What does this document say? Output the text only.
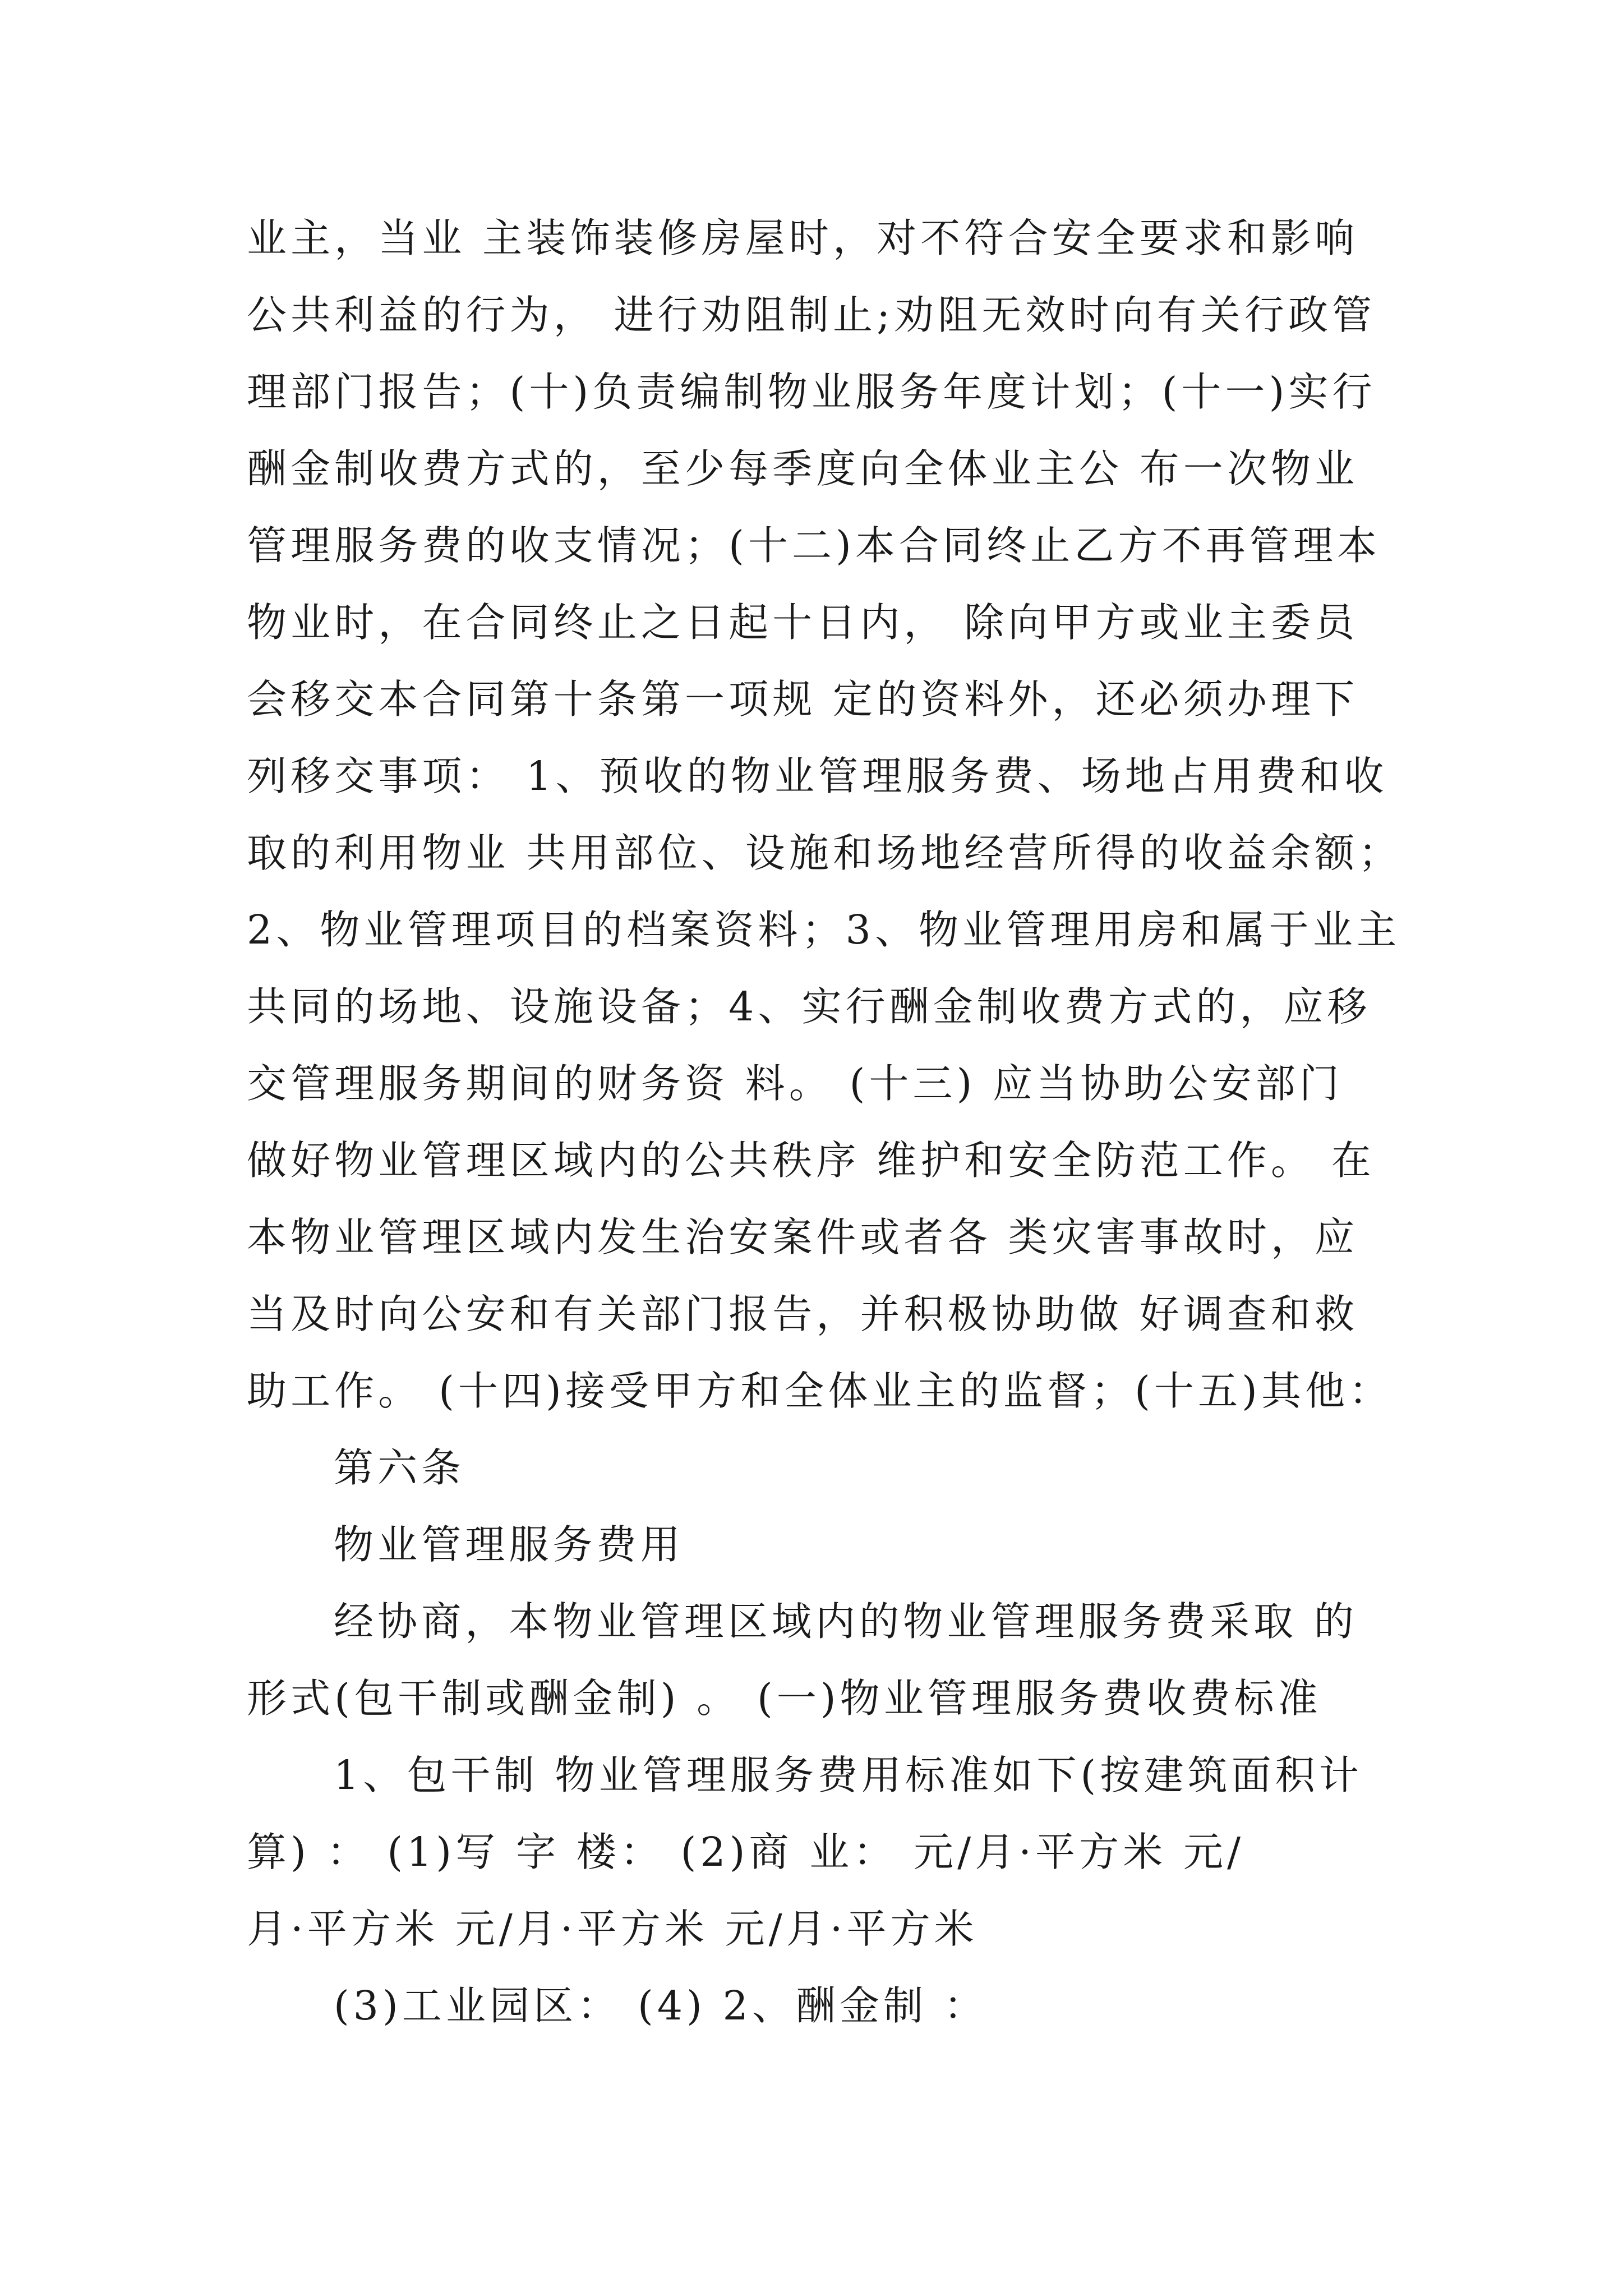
业主，当业 主装饰装修房屋时，对不符合安全要求和影响
公共利益的行为， 进行劝阻制止;劝阻无效时向有关行政管
理部门报告；(十)负责编制物业服务年度计划；(十一)实行
酬金制收费方式的，至少每季度向全体业主公 布一次物业
管理服务费的收支情况；(十二)本合同终止乙方不再管理本
物业时，在合同终止之日起十日内， 除向甲方或业主委员
会移交本合同第十条第一项规 定的资料外，还必须办理下
列移交事项： 1、预收的物业管理服务费、场地占用费和收
取的利用物业 共用部位、设施和场地经营所得的收益余额；
2、物业管理项目的档案资料；3、物业管理用房和属于业主
共同的场地、设施设备；4、实行酬金制收费方式的，应移
交管理服务期间的财务资 料。 (十三) 应当协助公安部门
做好物业管理区域内的公共秩序 维护和安全防范工作。 在
本物业管理区域内发生治安案件或者各 类灾害事故时，应
当及时向公安和有关部门报告，并积极协助做 好调查和救
助工作。 (十四)接受甲方和全体业主的监督；(十五)其他：
第六条
物业管理服务费用
经协商，本物业管理区域内的物业管理服务费采取 的
形式(包干制或酬金制) 。 (一)物业管理服务费收费标准
1、包干制 物业管理服务费用标准如下(按建筑面积计
算) ： (1)写 字 楼： (2)商 业： 元/月·平方米 元/
月·平方米 元/月·平方米 元/月·平方米
(3)工业园区： (4) 2、酬金制 ：
